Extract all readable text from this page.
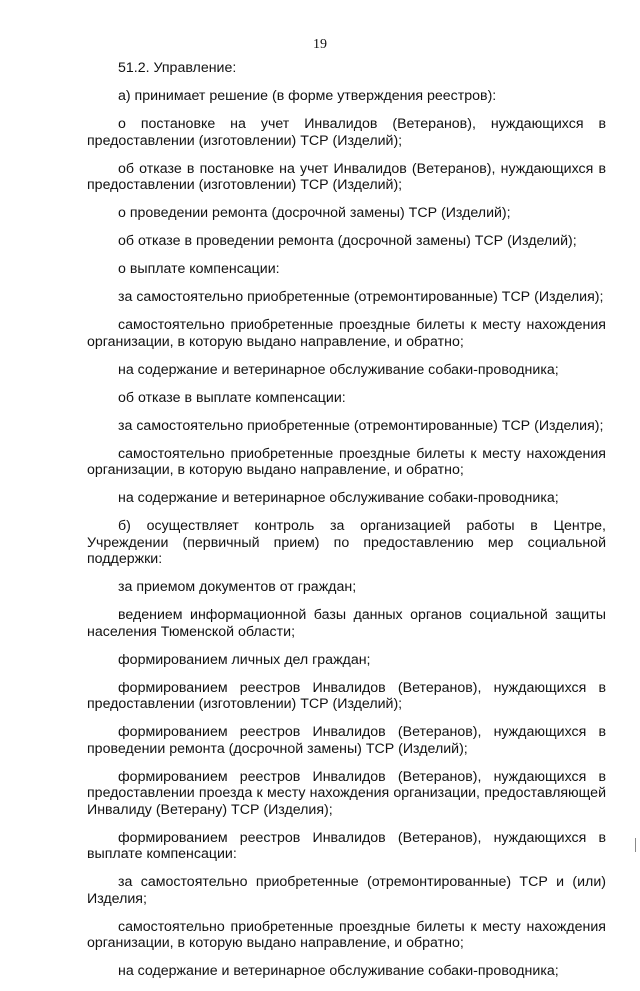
19

51.2. Управление:

а) принимает решение (в форме утверждения реестров):

о постановке на учет Инвалидов (Ветеранов), нуждающихся в предоставлении (изготовлении) ТСР (Изделий);

об отказе в постановке на учет Инвалидов (Ветеранов), нуждающихся в предоставлении (изготовлении) ТСР (Изделий);

о проведении ремонта (досрочной замены) ТСР (Изделий);

об отказе в проведении ремонта (досрочной замены) ТСР (Изделий);

о выплате компенсации:

за самостоятельно приобретенные (отремонтированные) ТСР (Изделия);

самостоятельно приобретенные проездные билеты к месту нахождения организации, в которую выдано направление, и обратно;

на содержание и ветеринарное обслуживание собаки-проводника;

об отказе в выплате компенсации:

за самостоятельно приобретенные (отремонтированные) ТСР (Изделия);

самостоятельно приобретенные проездные билеты к месту нахождения организации, в которую выдано направление, и обратно;

на содержание и ветеринарное обслуживание собаки-проводника;

б) осуществляет контроль за организацией работы в Центре, Учреждении (первичный прием) по предоставлению мер социальной поддержки:

за приемом документов от граждан;

ведением информационной базы данных органов социальной защиты населения Тюменской области;

формированием личных дел граждан;

формированием реестров Инвалидов (Ветеранов), нуждающихся в предоставлении (изготовлении) ТСР (Изделий);

формированием реестров Инвалидов (Ветеранов), нуждающихся в проведении ремонта (досрочной замены) ТСР (Изделий);

формированием реестров Инвалидов (Ветеранов), нуждающихся в предоставлении проезда к месту нахождения организации, предоставляющей Инвалиду (Ветерану) ТСР (Изделия);

формированием реестров Инвалидов (Ветеранов), нуждающихся в выплате компенсации:

за самостоятельно приобретенные (отремонтированные) ТСР и (или) Изделия;

самостоятельно приобретенные проездные билеты к месту нахождения организации, в которую выдано направление, и обратно;

на содержание и ветеринарное обслуживание собаки-проводника;
